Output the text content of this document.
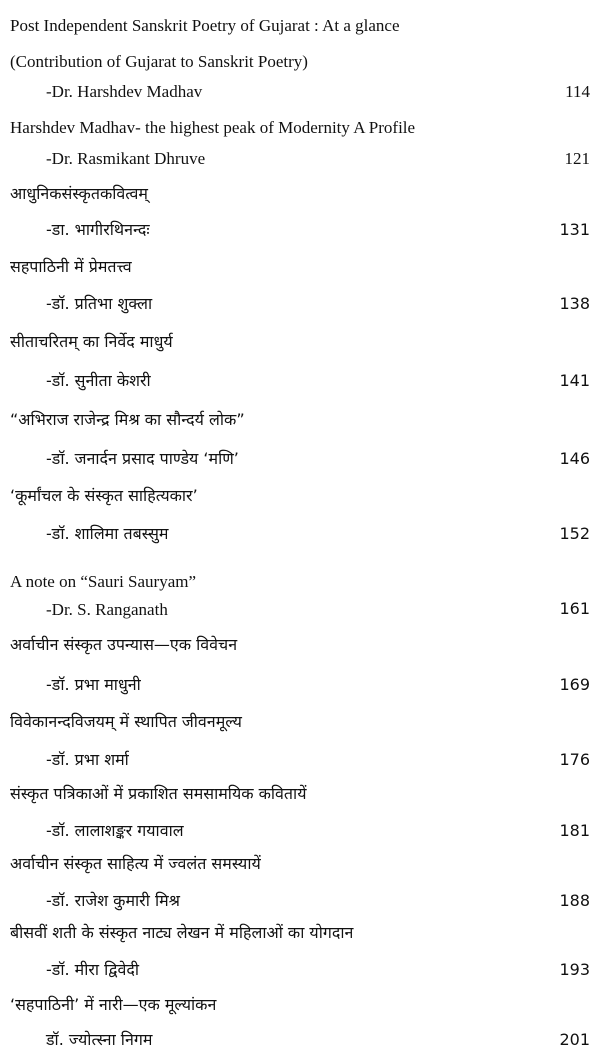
Post Independent Sanskrit Poetry of Gujarat : At a glance
(Contribution of Gujarat to Sanskrit Poetry)
-Dr. Harshdev Madhav	114
Harshdev Madhav- the highest peak of Modernity A Profile
-Dr. Rasmikant Dhruve	121
आधुनिकसंस्कृतकवित्वम्
-डा. भागीरथिनन्दः	131
सहपाठिनी में प्रेमतत्त्व
-डॉ. प्रतिभा शुक्ला	138
सीताचरितम् का निर्वेद माधुर्य
-डॉ. सुनीता केशरी	141
“अभिराज राजेन्द्र मिश्र का सौन्दर्य लोक”
-डॉ. जनार्दन प्रसाद पाण्डेय ‘मणि’	146
‘कूर्मांचल के संस्कृत साहित्यकार’
-डॉ. शालिमा तबस्सुम	152
A note on “Sauri Sauryam”
-Dr. S. Ranganath	161
अर्वाचीन संस्कृत उपन्यास—एक विवेचन
-डॉ. प्रभा माधुनी	169
विवेकानन्दविजयम् में स्थापित जीवनमूल्य
-डॉ. प्रभा शर्मा	176
संस्कृत पत्रिकाओं में प्रकाशित समसामयिक कवितायें
-डॉ. लालाशङ्कर गयावाल	181
अर्वाचीन संस्कृत साहित्य में ज्वलंत समस्यायें
-डॉ. राजेश कुमारी मिश्र	188
बीसवीं शती के संस्कृत नाट्य लेखन में महिलाओं का योगदान
-डॉ. मीरा द्विवेदी	193
‘सहपाठिनी’ में नारी—एक मूल्यांकन
डॉ. ज्योत्स्ना निगम	201
